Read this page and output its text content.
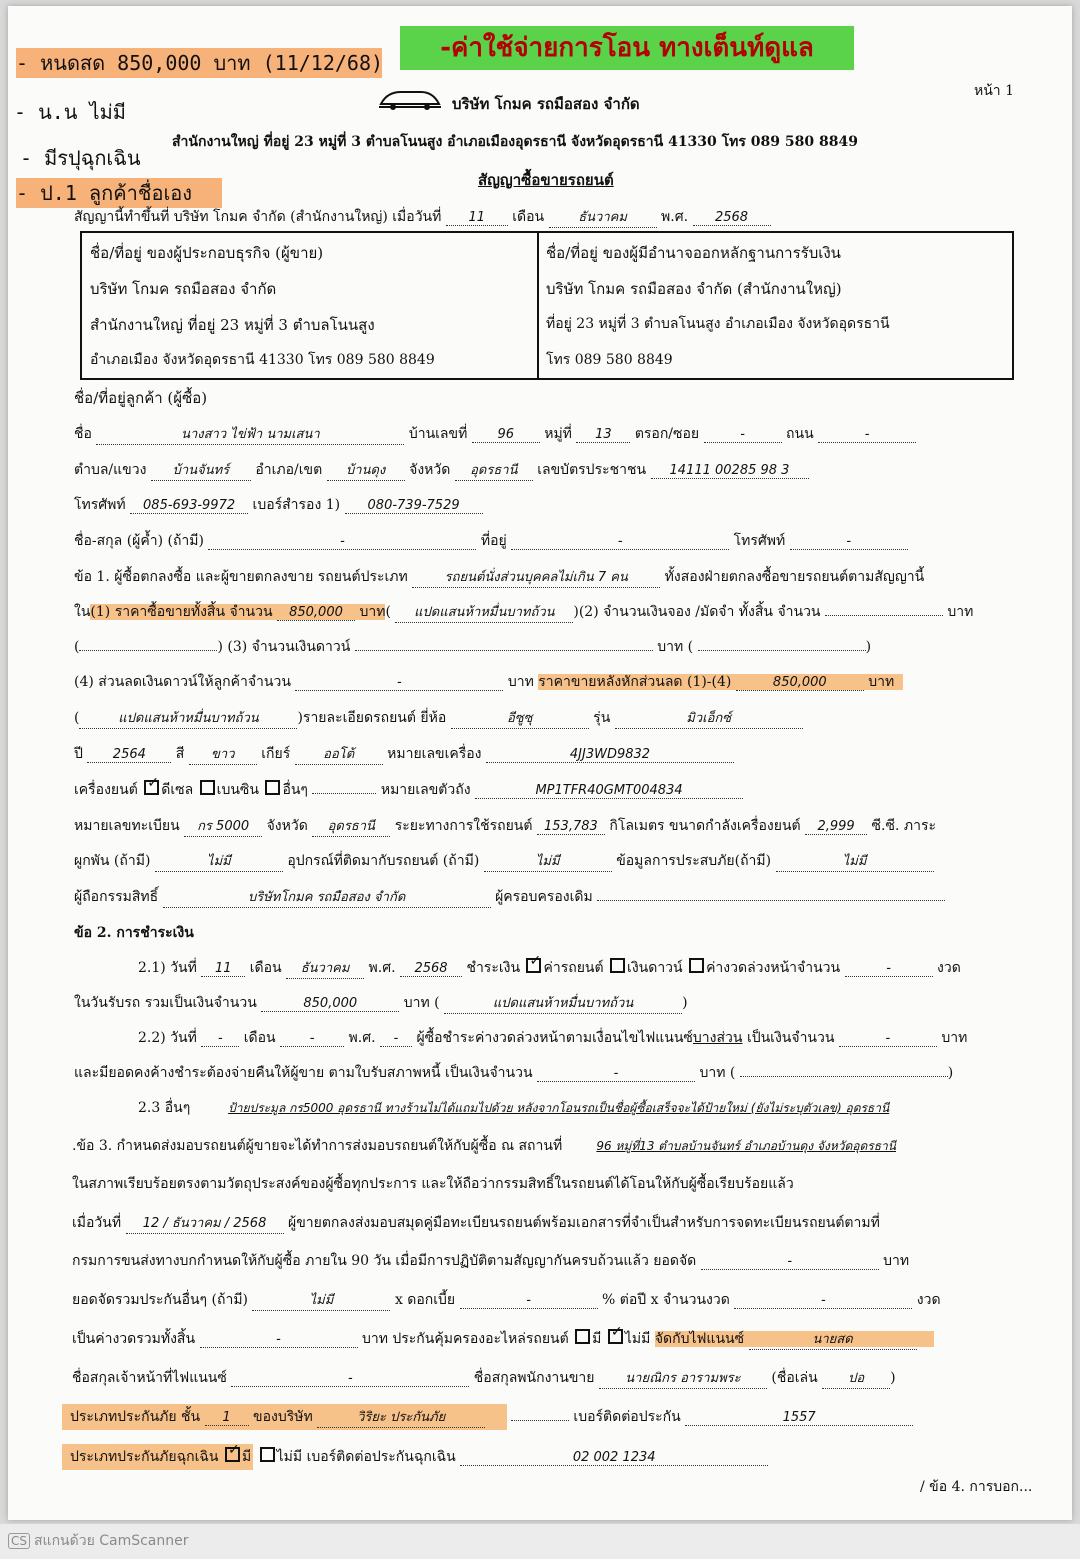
-ค่าใช้จ่ายการโอน ทางเต็นท์ดูแล
- หนดสด 850,000 บาท (11/12/68)
- น.น ไม่มี
- มีรปุฉุกเฉิน
- ป.1 ลูกค้าชื่อเอง
หน้า 1
บริษัท โกมค รถมือสอง จำกัด
สำนักงานใหญ่ ที่อยู่ 23 หมู่ที่ 3 ตำบลโนนสูง อำเภอเมืองอุดรธานี จังหวัดอุดรธานี 41330 โทร 089 580 8849
สัญญาซื้อขายรถยนต์
สัญญานี้ทำขึ้นที่ บริษัท โกมค จำกัด (สำนักงานใหญ่) เมื่อวันที่ 11 เดือน	ธันวาคม พ.ศ. 2568
ชื่อ/ที่อยู่ ของผู้ประกอบธุรกิจ (ผู้ขาย)
บริษัท โกมค รถมือสอง จำกัด
สำนักงานใหญ่ ที่อยู่ 23 หมู่ที่ 3 ตำบลโนนสูง
อำเภอเมือง จังหวัดอุดรธานี 41330 โทร 089 580 8849
ชื่อ/ที่อยู่ ของผู้มีอำนาจออกหลักฐานการรับเงิน
บริษัท โกมค รถมือสอง จำกัด (สำนักงานใหญ่)
ที่อยู่ 23 หมู่ที่ 3 ตำบลโนนสูง อำเภอเมือง จังหวัดอุดรธานี
โทร 089 580 8849
ชื่อ/ที่อยู่ลูกค้า (ผู้ซื้อ)
ชื่อ	นางสาว ไข่ฟ้า นามเสนา	บ้านเลขที่ 96 หมู่ที่ 13 ตรอก/ซอย	-	ถนน	-
ตำบล/แขวง บ้านจันทร์ อำเภอ/เขต บ้านดุง จังหวัด อุดรธานี เลขบัตรประชาชน 14111 00285 98 3
โทรศัพท์ 085-693-9972 เบอร์สำรอง 1) 080-739-7529
ชื่อ-สกุล (ผู้ค้ำ) (ถ้ามี)	-	ที่อยู่	-	โทรศัพท์	-
ข้อ 1. ผู้ซื้อตกลงซื้อ และผู้ขายตกลงขาย รถยนต์ประเภท	รถยนต์นั่งส่วนบุคคลไม่เกิน 7 คน	ทั้งสองฝ่ายตกลงซื้อขายรถยนต์ตามสัญญานี้
ใน(1) ราคาซื้อขายทั้งสิ้น จำนวน 850,000 บาท( แปดแสนห้าหมื่นบาทถ้วน )(2) จำนวนเงินจอง /มัดจำ ทั้งสิ้น จำนวน	บาท
(	) (3) จำนวนเงินดาวน์	บาท (	)
(4) ส่วนลดเงินดาวน์ให้ลูกค้าจำนวน	-	บาท ราคาขายหลังหักส่วนลด (1)-(4)	850,000	บาท
(	แปดแสนห้าหมื่นบาทถ้วน	)รายละเอียดรถยนต์ ยี่ห้อ	อีซูซุ	รุ่น	มิวเอ็กซ์
ปี 2564 สี ขาว เกียร์	ออโต้ หมายเลขเครื่อง	4JJ3WD9832
เครื่องยนต์ ✓ ดีเซล เบนซิน อื่นๆ	หมายเลขตัวถัง	MP1TFR40GMT004834
หมายเลขทะเบียน กร 5000 จังหวัด อุดรธานี ระยะทางการใช้รถยนต์ 153,783 กิโลเมตร ขนาดกำลังเครื่องยนต์ 2,999 ซี.ซี. ภาระ
ผูกพัน (ถ้ามี)	ไม่มี	อุปกรณ์ที่ติดมากับรถยนต์ (ถ้ามี)	ไม่มี	ข้อมูลการประสบภัย(ถ้ามี)	ไม่มี
ผู้ถือกรรมสิทธิ์	บริษัทโกมค รถมือสอง จำกัด	ผู้ครอบครองเดิม
ข้อ 2. การชำระเงิน
2.1) วันที่ 11 เดือน ธันวาคม พ.ศ. 2568 ชำระเงิน ✓ ค่ารถยนต์ เงินดาวน์ ค่างวดล่วงหน้าจำนวน	-	งวด
ในวันรับรถ รวมเป็นเงินจำนวน	850,000	บาท (	แปดแสนห้าหมื่นบาทถ้วน	)
2.2) วันที่ - เดือน	- พ.ศ. - ผู้ซื้อชำระค่างวดล่วงหน้าตามเงื่อนไขไฟแนนซ์บางส่วน เป็นเงินจำนวน	-	บาท
และมียอดคงค้างชำระต้องจ่ายคืนให้ผู้ขาย ตามใบรับสภาพหนี้ เป็นเงินจำนวน	-	บาท (	)
2.3 อื่นๆ	ป้ายประมูล กร5000 อุดรธานี ทางร้านไม่ได้แถมไปด้วย หลังจากโอนรถเป็นชื่อผู้ซื้อเสร็จจะได้ป้ายใหม่ (ยังไม่ระบุตัวเลข) อุดรธานี
.ข้อ 3. กำหนดส่งมอบรถยนต์ผู้ขายจะได้ทำการส่งมอบรถยนต์ให้กับผู้ซื้อ ณ สถานที่	96 หมู่ที่13 ตำบลบ้านจันทร์ อำเภอบ้านดุง จังหวัดอุดรธานี
ในสภาพเรียบร้อยตรงตามวัตถุประสงค์ของผู้ซื้อทุกประการ และให้ถือว่ากรรมสิทธิ์ในรถยนต์ได้โอนให้กับผู้ซื้อเรียบร้อยแล้ว
เมื่อวันที่ 12 / ธันวาคม / 2568 ผู้ขายตกลงส่งมอบสมุดคู่มือทะเบียนรถยนต์พร้อมเอกสารที่จำเป็นสำหรับการจดทะเบียนรถยนต์ตามที่
กรมการขนส่งทางบกกำหนดให้กับผู้ซื้อ ภายใน 90 วัน เมื่อมีการปฏิบัติตามสัญญากันครบถ้วนแล้ว ยอดจัด	-	บาท
ยอดจัดรวมประกันอื่นๆ (ถ้ามี)	ไม่มี	x ดอกเบี้ย	-	% ต่อปี x จำนวนงวด	-	งวด
เป็นค่างวดรวมทั้งสิ้น	-	บาท ประกันคุ้มครองอะไหล่รถยนต์ มี ✓ ไม่มี จัดกับไฟแนนซ์	นายสด
ชื่อสกุลเจ้าหน้าที่ไฟแนนซ์	-	ชื่อสกุลพนักงานขาย นายณิกร อารามพระ (ชื่อเล่น ปอ )
ประเภทประกันภัย ชั้น 1 ของบริษัท	วิริยะ ประกันภัย	เบอร์ติดต่อประกัน	1557
ประเภทประกันภัยฉุกเฉิน ✓ มี ไม่มี เบอร์ติดต่อประกันฉุกเฉิน	02 002 1234
/ ข้อ 4. การบอก...
CS สแกนด้วย CamScanner
